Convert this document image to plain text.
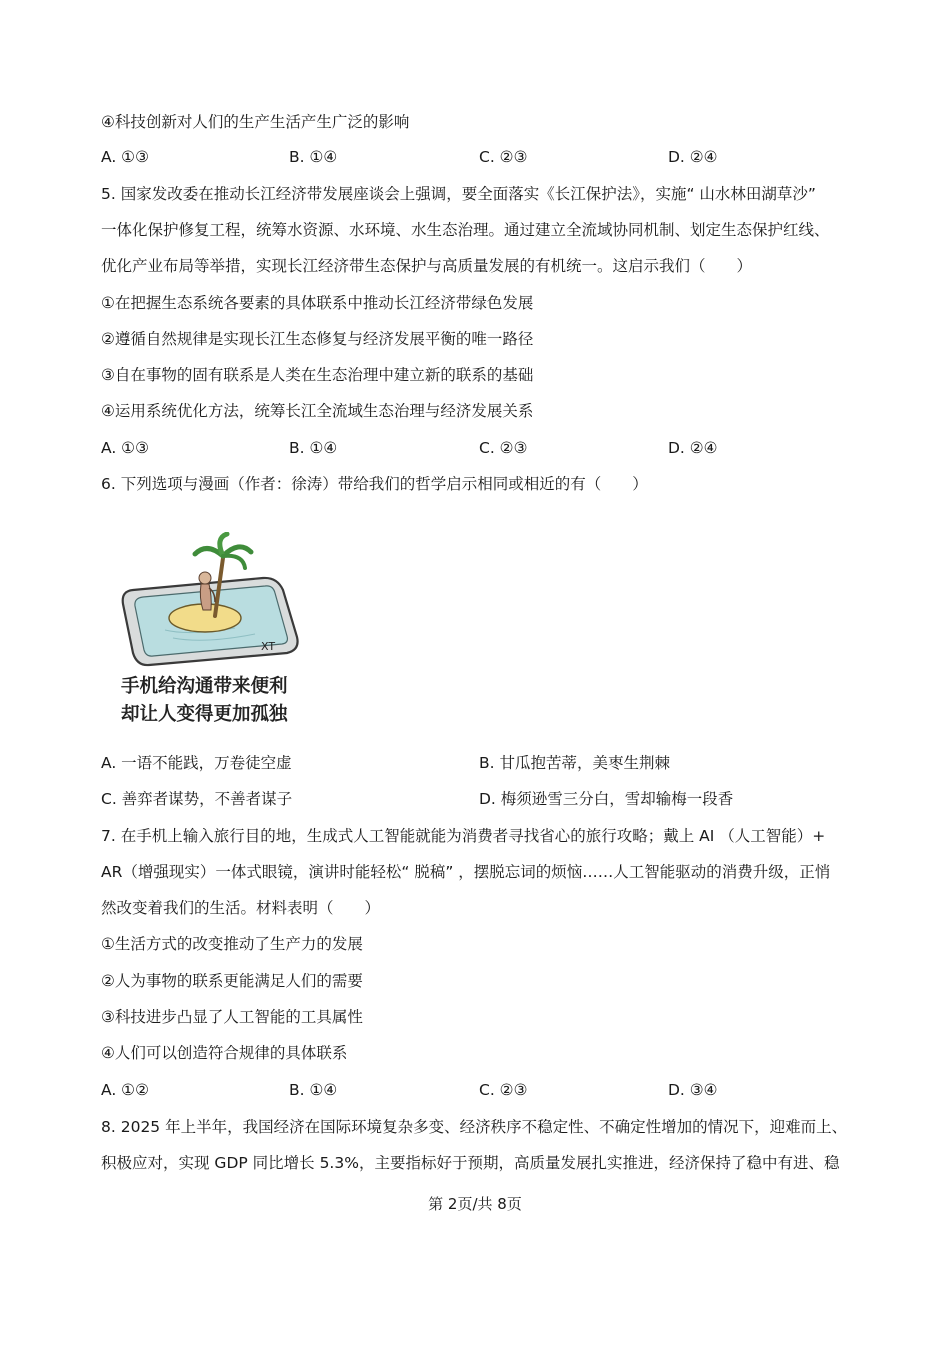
④科技创新对人们的生产生活产生广泛的影响
A. ①③	B. ①④	C. ②③	D. ②④
5. 国家发改委在推动长江经济带发展座谈会上强调，要全面落实《长江保护法》，实施“ 山水林田湖草沙”
一体化保护修复工程，统筹水资源、水环境、水生态治理。通过建立全流域协同机制、划定生态保护红线、
优化产业布局等举措，实现长江经济带生态保护与高质量发展的有机统一。这启示我们（　　）
①在把握生态系统各要素的具体联系中推动长江经济带绿色发展
②遵循自然规律是实现长江生态修复与经济发展平衡的唯一路径
③自在事物的固有联系是人类在生态治理中建立新的联系的基础
④运用系统优化方法，统筹长江全流域生态治理与经济发展关系
A. ①③	B. ①④	C. ②③	D. ②④
6. 下列选项与漫画（作者：徐涛）带给我们的哲学启示相同或相近的有（　　）
XT
手机给沟通带来便利
却让人变得更加孤独
A. 一语不能践，万卷徒空虚	B. 甘瓜抱苦蒂，美枣生荆棘
C. 善弈者谋势，不善者谋子	D. 梅须逊雪三分白，雪却输梅一段香
7. 在手机上输入旅行目的地，生成式人工智能就能为消费者寻找省心的旅行攻略；戴上 AI （人工智能）+
AR（增强现实）一体式眼镜，演讲时能轻松“ 脱稿” ，摆脱忘词的烦恼……人工智能驱动的消费升级，正悄
然改变着我们的生活。材料表明（　　）
①生活方式的改变推动了生产力的发展
②人为事物的联系更能满足人们的需要
③科技进步凸显了人工智能的工具属性
④人们可以创造符合规律的具体联系
A. ①②	B. ①④	C. ②③	D. ③④
8. 2025 年上半年，我国经济在国际环境复杂多变、经济秩序不稳定性、不确定性增加的情况下，迎难而上、
积极应对，实现 GDP 同比增长 5.3%，主要指标好于预期，高质量发展扎实推进，经济保持了稳中有进、稳
第 2页/共 8页
